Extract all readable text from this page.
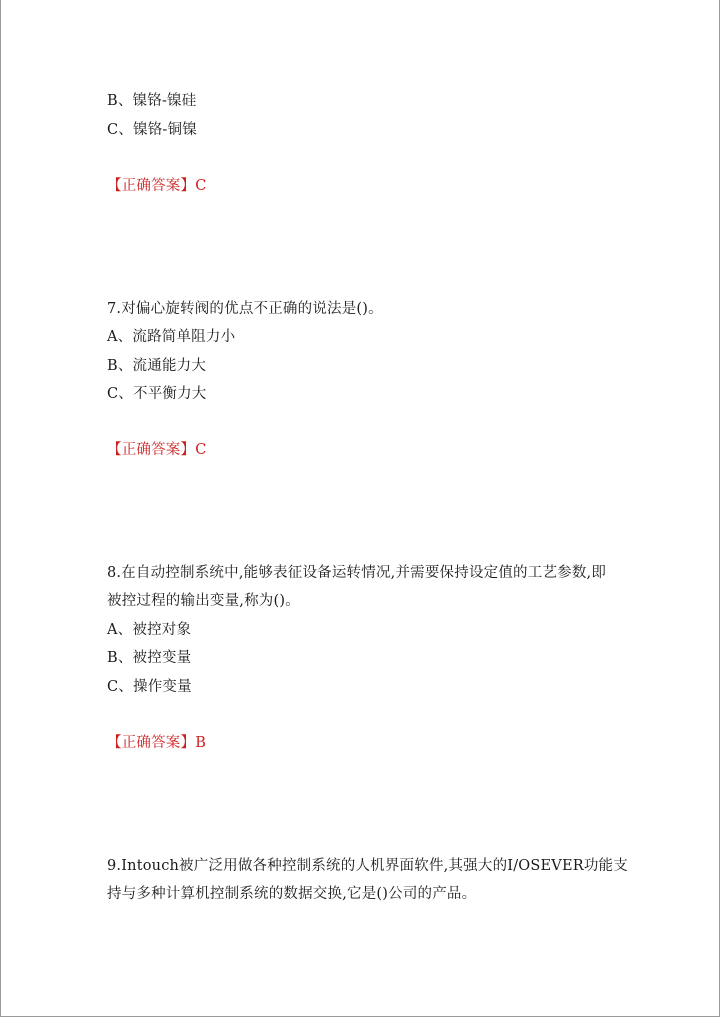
B、镍铬-镍硅
C、镍铬-铜镍
【正确答案】C
7.对偏心旋转阀的优点不正确的说法是()。
A、流路简单阻力小
B、流通能力大
C、不平衡力大
【正确答案】C
8.在自动控制系统中,能够表征设备运转情况,并需要保持设定值的工艺参数,即
被控过程的输出变量,称为()。
A、被控对象
B、被控变量
C、操作变量
【正确答案】B
9.Intouch被广泛用做各种控制系统的人机界面软件,其强大的I/OSEVER功能支
持与多种计算机控制系统的数据交换,它是()公司的产品。
